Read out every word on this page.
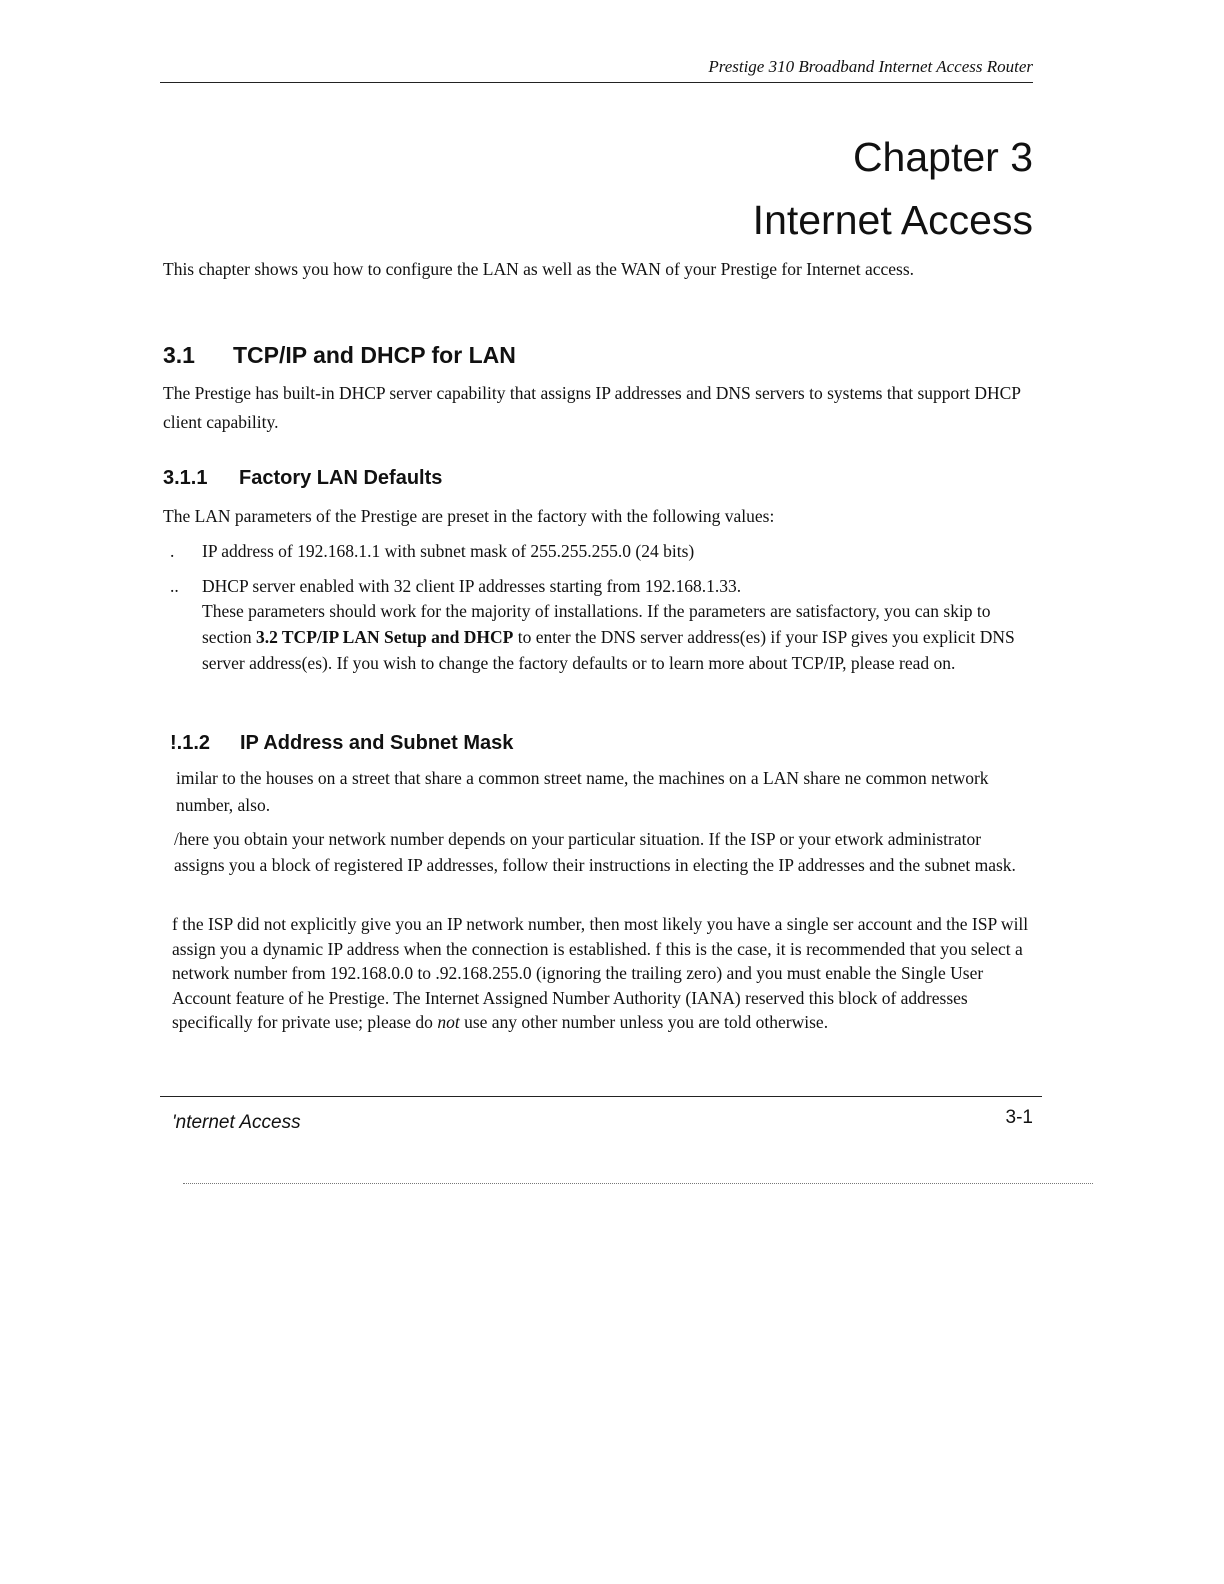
Prestige 310 Broadband Internet Access Router
Chapter 3
Internet Access

This chapter shows you how to configure the LAN as well as the WAN of your Prestige for Internet access.

3.1 TCP/IP and DHCP for LAN

The Prestige has built-in DHCP server capability that assigns IP addresses and DNS servers to systems that support DHCP client capability.

3.1.1 Factory LAN Defaults

The LAN parameters of the Prestige are preset in the factory with the following values:

. IP address of 192.168.1.1 with subnet mask of 255.255.255.0 (24 bits)
.. DHCP server enabled with 32 client IP addresses starting from 192.168.1.33.

These parameters should work for the majority of installations. If the parameters are satisfactory, you can skip to section 3.2 TCP/IP LAN Setup and DHCP to enter the DNS server address(es) if your ISP gives you explicit DNS server address(es). If you wish to change the factory defaults or to learn more about TCP/IP, please read on.

!.1.2 IP Address and Subnet Mask

imilar to the houses on a street that share a common street name, the machines on a LAN share ne common network number, also.

/here you obtain your network number depends on your particular situation. If the ISP or your etwork administrator assigns you a block of registered IP addresses, follow their instructions in electing the IP addresses and the subnet mask.

f the ISP did not explicitly give you an IP network number, then most likely you have a single ser account and the ISP will assign you a dynamic IP address when the connection is established. f this is the case, it is recommended that you select a network number from 192.168.0.0 to .92.168.255.0 (ignoring the trailing zero) and you must enable the Single User Account feature of he Prestige. The Internet Assigned Number Authority (IANA) reserved this block of addresses specifically for private use; please do not use any other number unless you are told otherwise.

'nternet Access	3-1
